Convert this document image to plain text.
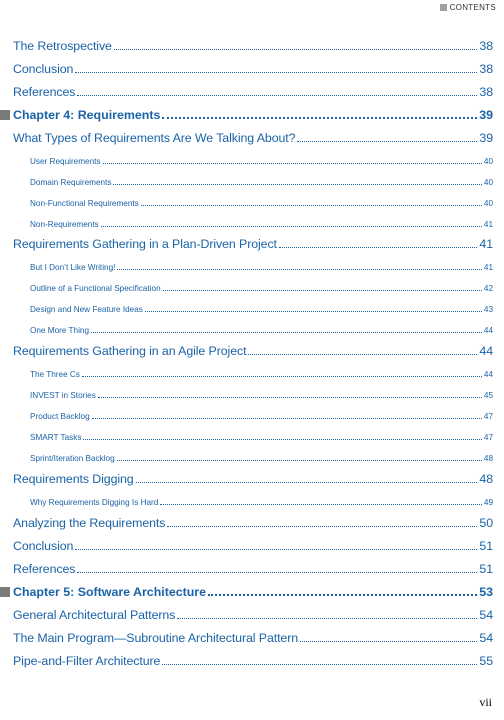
CONTENTS
The Retrospective	38
Conclusion	38
References	38
Chapter 4: Requirements	39
What Types of Requirements Are We Talking About?	39
User Requirements	40
Domain Requirements	40
Non-Functional Requirements	40
Non-Requirements	41
Requirements Gathering in a Plan-Driven Project	41
But I Don’t Like Writing!	41
Outline of a Functional Specification	42
Design and New Feature Ideas	43
One More Thing	44
Requirements Gathering in an Agile Project	44
The Three Cs	44
INVEST in Stories	45
Product Backlog	47
SMART Tasks	47
Sprint/Iteration Backlog	48
Requirements Digging	48
Why Requirements Digging Is Hard	49
Analyzing the Requirements	50
Conclusion	51
References	51
Chapter 5: Software Architecture	53
General Architectural Patterns	54
The Main Program—Subroutine Architectural Pattern	54
Pipe-and-Filter Architecture	55
vii
